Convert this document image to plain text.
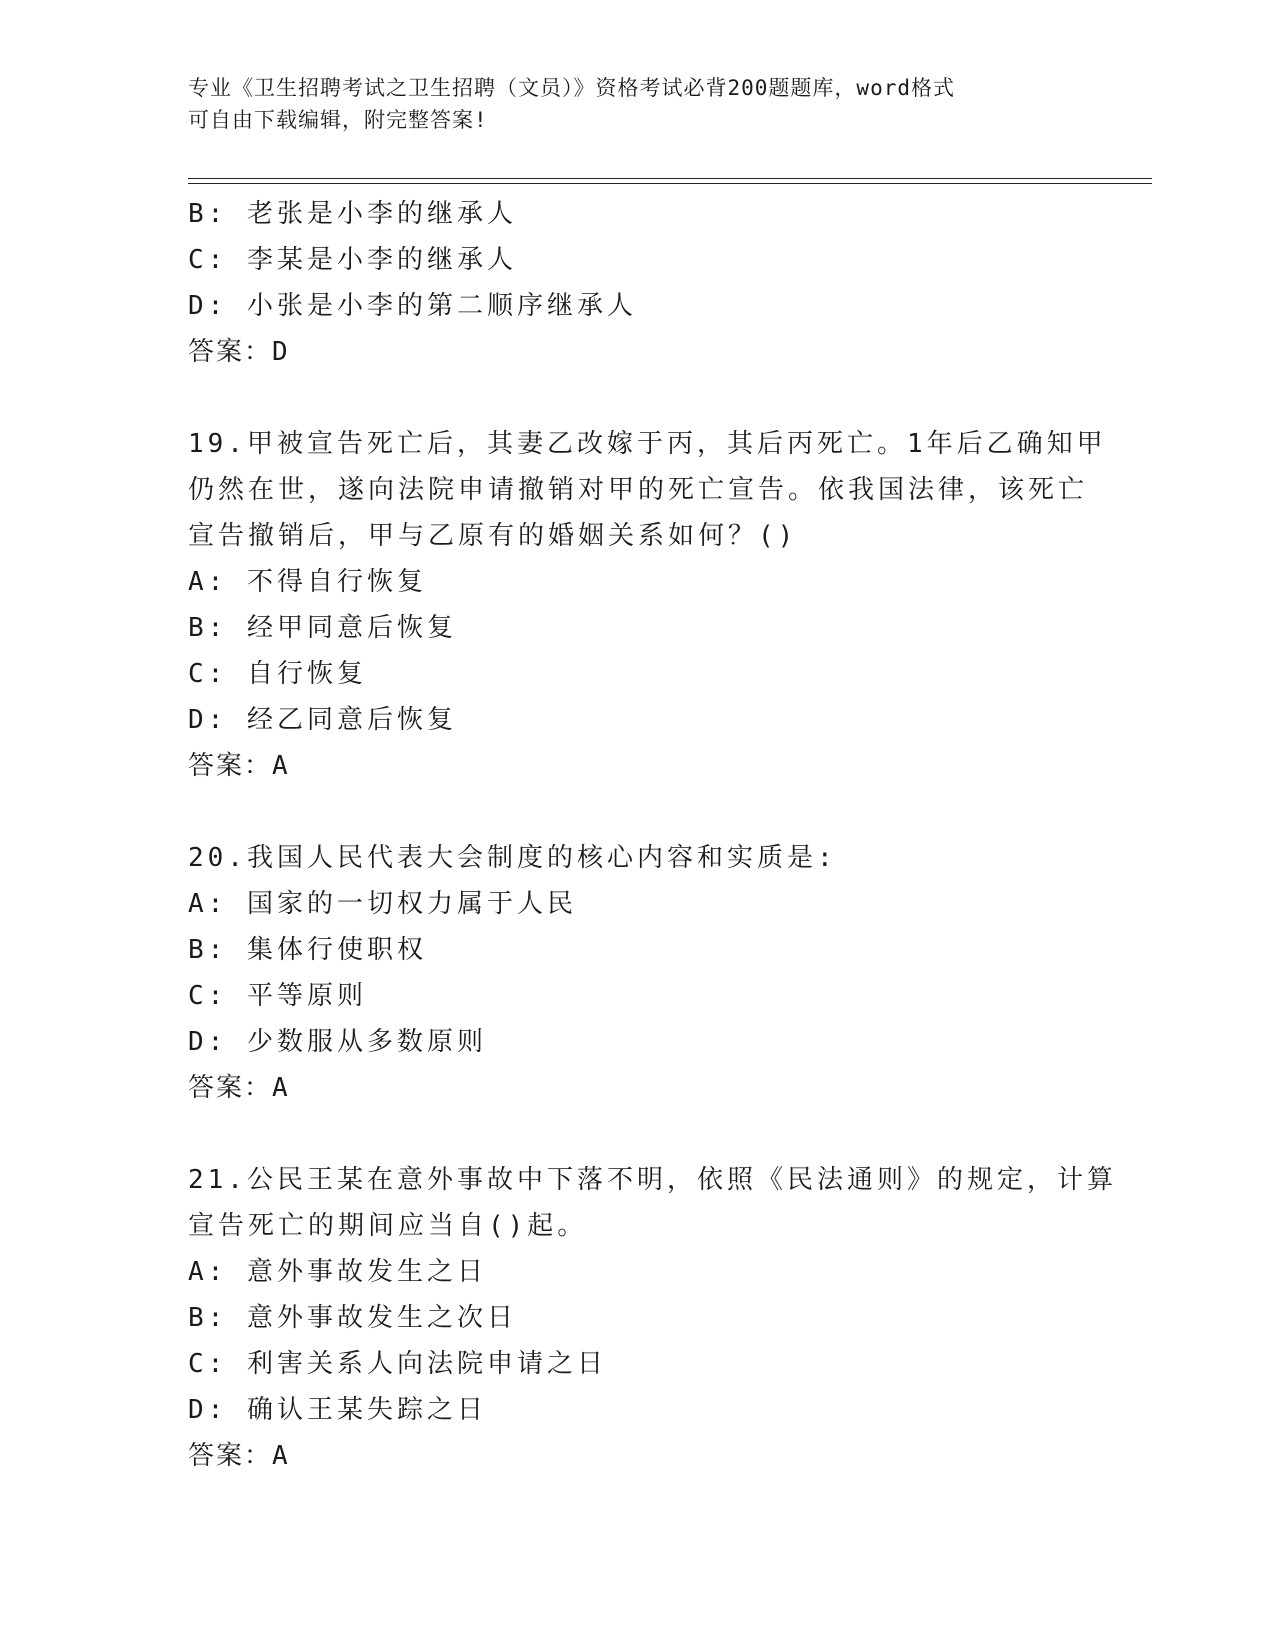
专业《卫生招聘考试之卫生招聘（文员）》资格考试必背200题题库，word格式
可自由下载编辑，附完整答案!
B: 老张是小李的继承人
C: 李某是小李的继承人
D: 小张是小李的第二顺序继承人
答案：D
19.甲被宣告死亡后，其妻乙改嫁于丙，其后丙死亡。1年后乙确知甲
仍然在世，遂向法院申请撤销对甲的死亡宣告。依我国法律，该死亡
宣告撤销后，甲与乙原有的婚姻关系如何？()
A: 不得自行恢复
B: 经甲同意后恢复
C: 自行恢复
D: 经乙同意后恢复
答案：A
20.我国人民代表大会制度的核心内容和实质是:
A: 国家的一切权力属于人民
B: 集体行使职权
C: 平等原则
D: 少数服从多数原则
答案：A
21.公民王某在意外事故中下落不明，依照《民法通则》的规定，计算
宣告死亡的期间应当自()起。
A: 意外事故发生之日
B: 意外事故发生之次日
C: 利害关系人向法院申请之日
D: 确认王某失踪之日
答案：A
